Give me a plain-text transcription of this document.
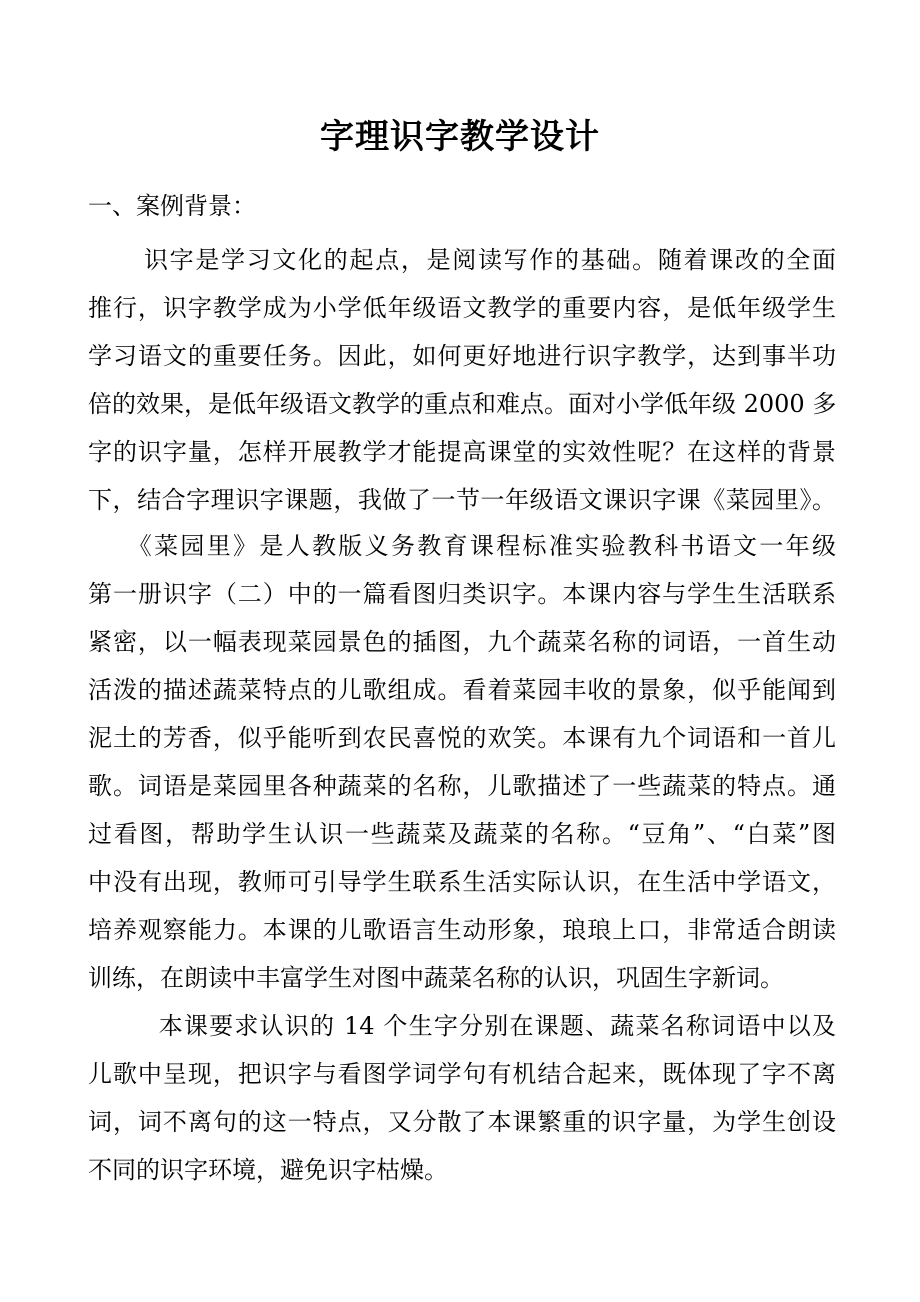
字理识字教学设计
一、案例背景：
识字是学习文化的起点，是阅读写作的基础。随着课改的全面
推行，识字教学成为小学低年级语文教学的重要内容，是低年级学生
学习语文的重要任务。因此，如何更好地进行识字教学，达到事半功
倍的效果，是低年级语文教学的重点和难点。面对小学低年级 2000 多
字的识字量，怎样开展教学才能提高课堂的实效性呢？在这样的背景
下，结合字理识字课题，我做了一节一年级语文课识字课《菜园里》。
《菜园里》是人教版义务教育课程标准实验教科书语文一年级
第一册识字（二）中的一篇看图归类识字。本课内容与学生生活联系
紧密，以一幅表现菜园景色的插图，九个蔬菜名称的词语，一首生动
活泼的描述蔬菜特点的儿歌组成。看着菜园丰收的景象，似乎能闻到
泥土的芳香，似乎能听到农民喜悦的欢笑。本课有九个词语和一首儿
歌。词语是菜园里各种蔬菜的名称，儿歌描述了一些蔬菜的特点。通
过看图，帮助学生认识一些蔬菜及蔬菜的名称。“豆角”、“白菜”图
中没有出现，教师可引导学生联系生活实际认识，在生活中学语文，
培养观察能力。本课的儿歌语言生动形象，琅琅上口，非常适合朗读
训练，在朗读中丰富学生对图中蔬菜名称的认识，巩固生字新词。
本课要求认识的 14 个生字分别在课题、蔬菜名称词语中以及
儿歌中呈现，把识字与看图学词学句有机结合起来，既体现了字不离
词，词不离句的这一特点，又分散了本课繁重的识字量，为学生创设
不同的识字环境，避免识字枯燥。
